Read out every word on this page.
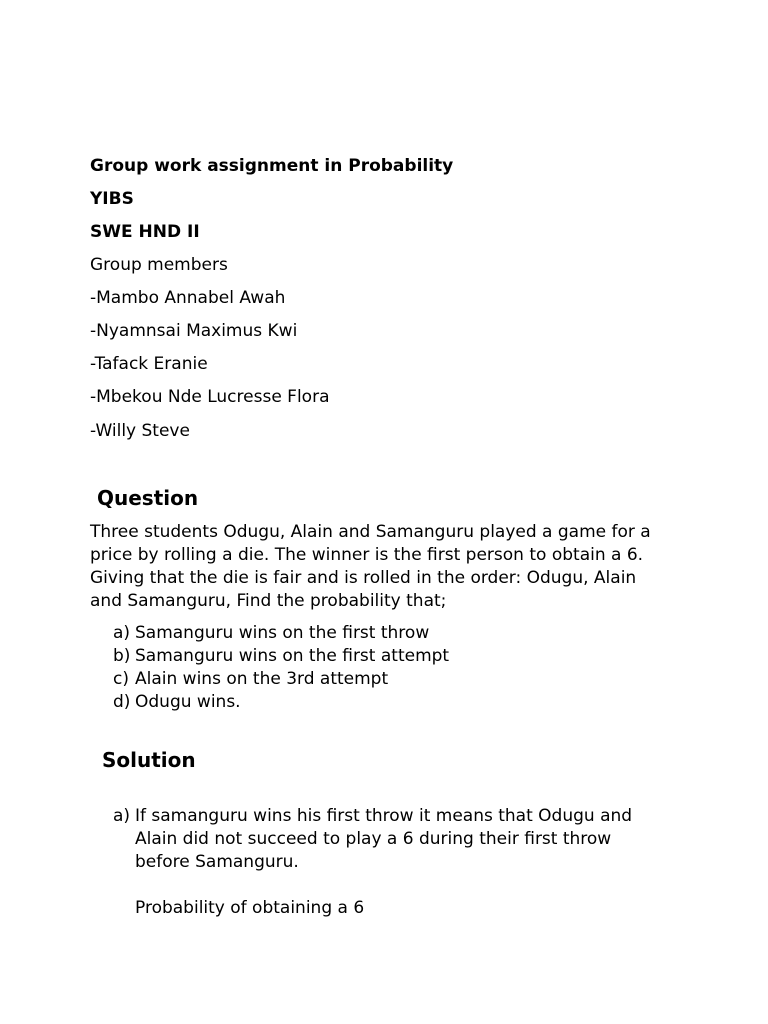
Group work assignment in Probability
YIBS
SWE HND II
Group members
-Mambo Annabel Awah
-Nyamnsai Maximus Kwi
-Tafack Eranie
-Mbekou Nde Lucresse Flora
-Willy Steve
Question
Three students Odugu, Alain and Samanguru played a game for a
price by rolling a die. The winner is the first person to obtain a 6.
Giving that the die is fair and is rolled in the order: Odugu, Alain
and Samanguru, Find the probability that;
a) Samanguru wins on the first throw
b) Samanguru wins on the first attempt
c) Alain wins on the 3rd attempt
d) Odugu wins.
Solution
a) If samanguru wins his first throw it means that Odugu and
Alain did not succeed to play a 6 during their first throw
before Samanguru.
Probability of obtaining a 6
